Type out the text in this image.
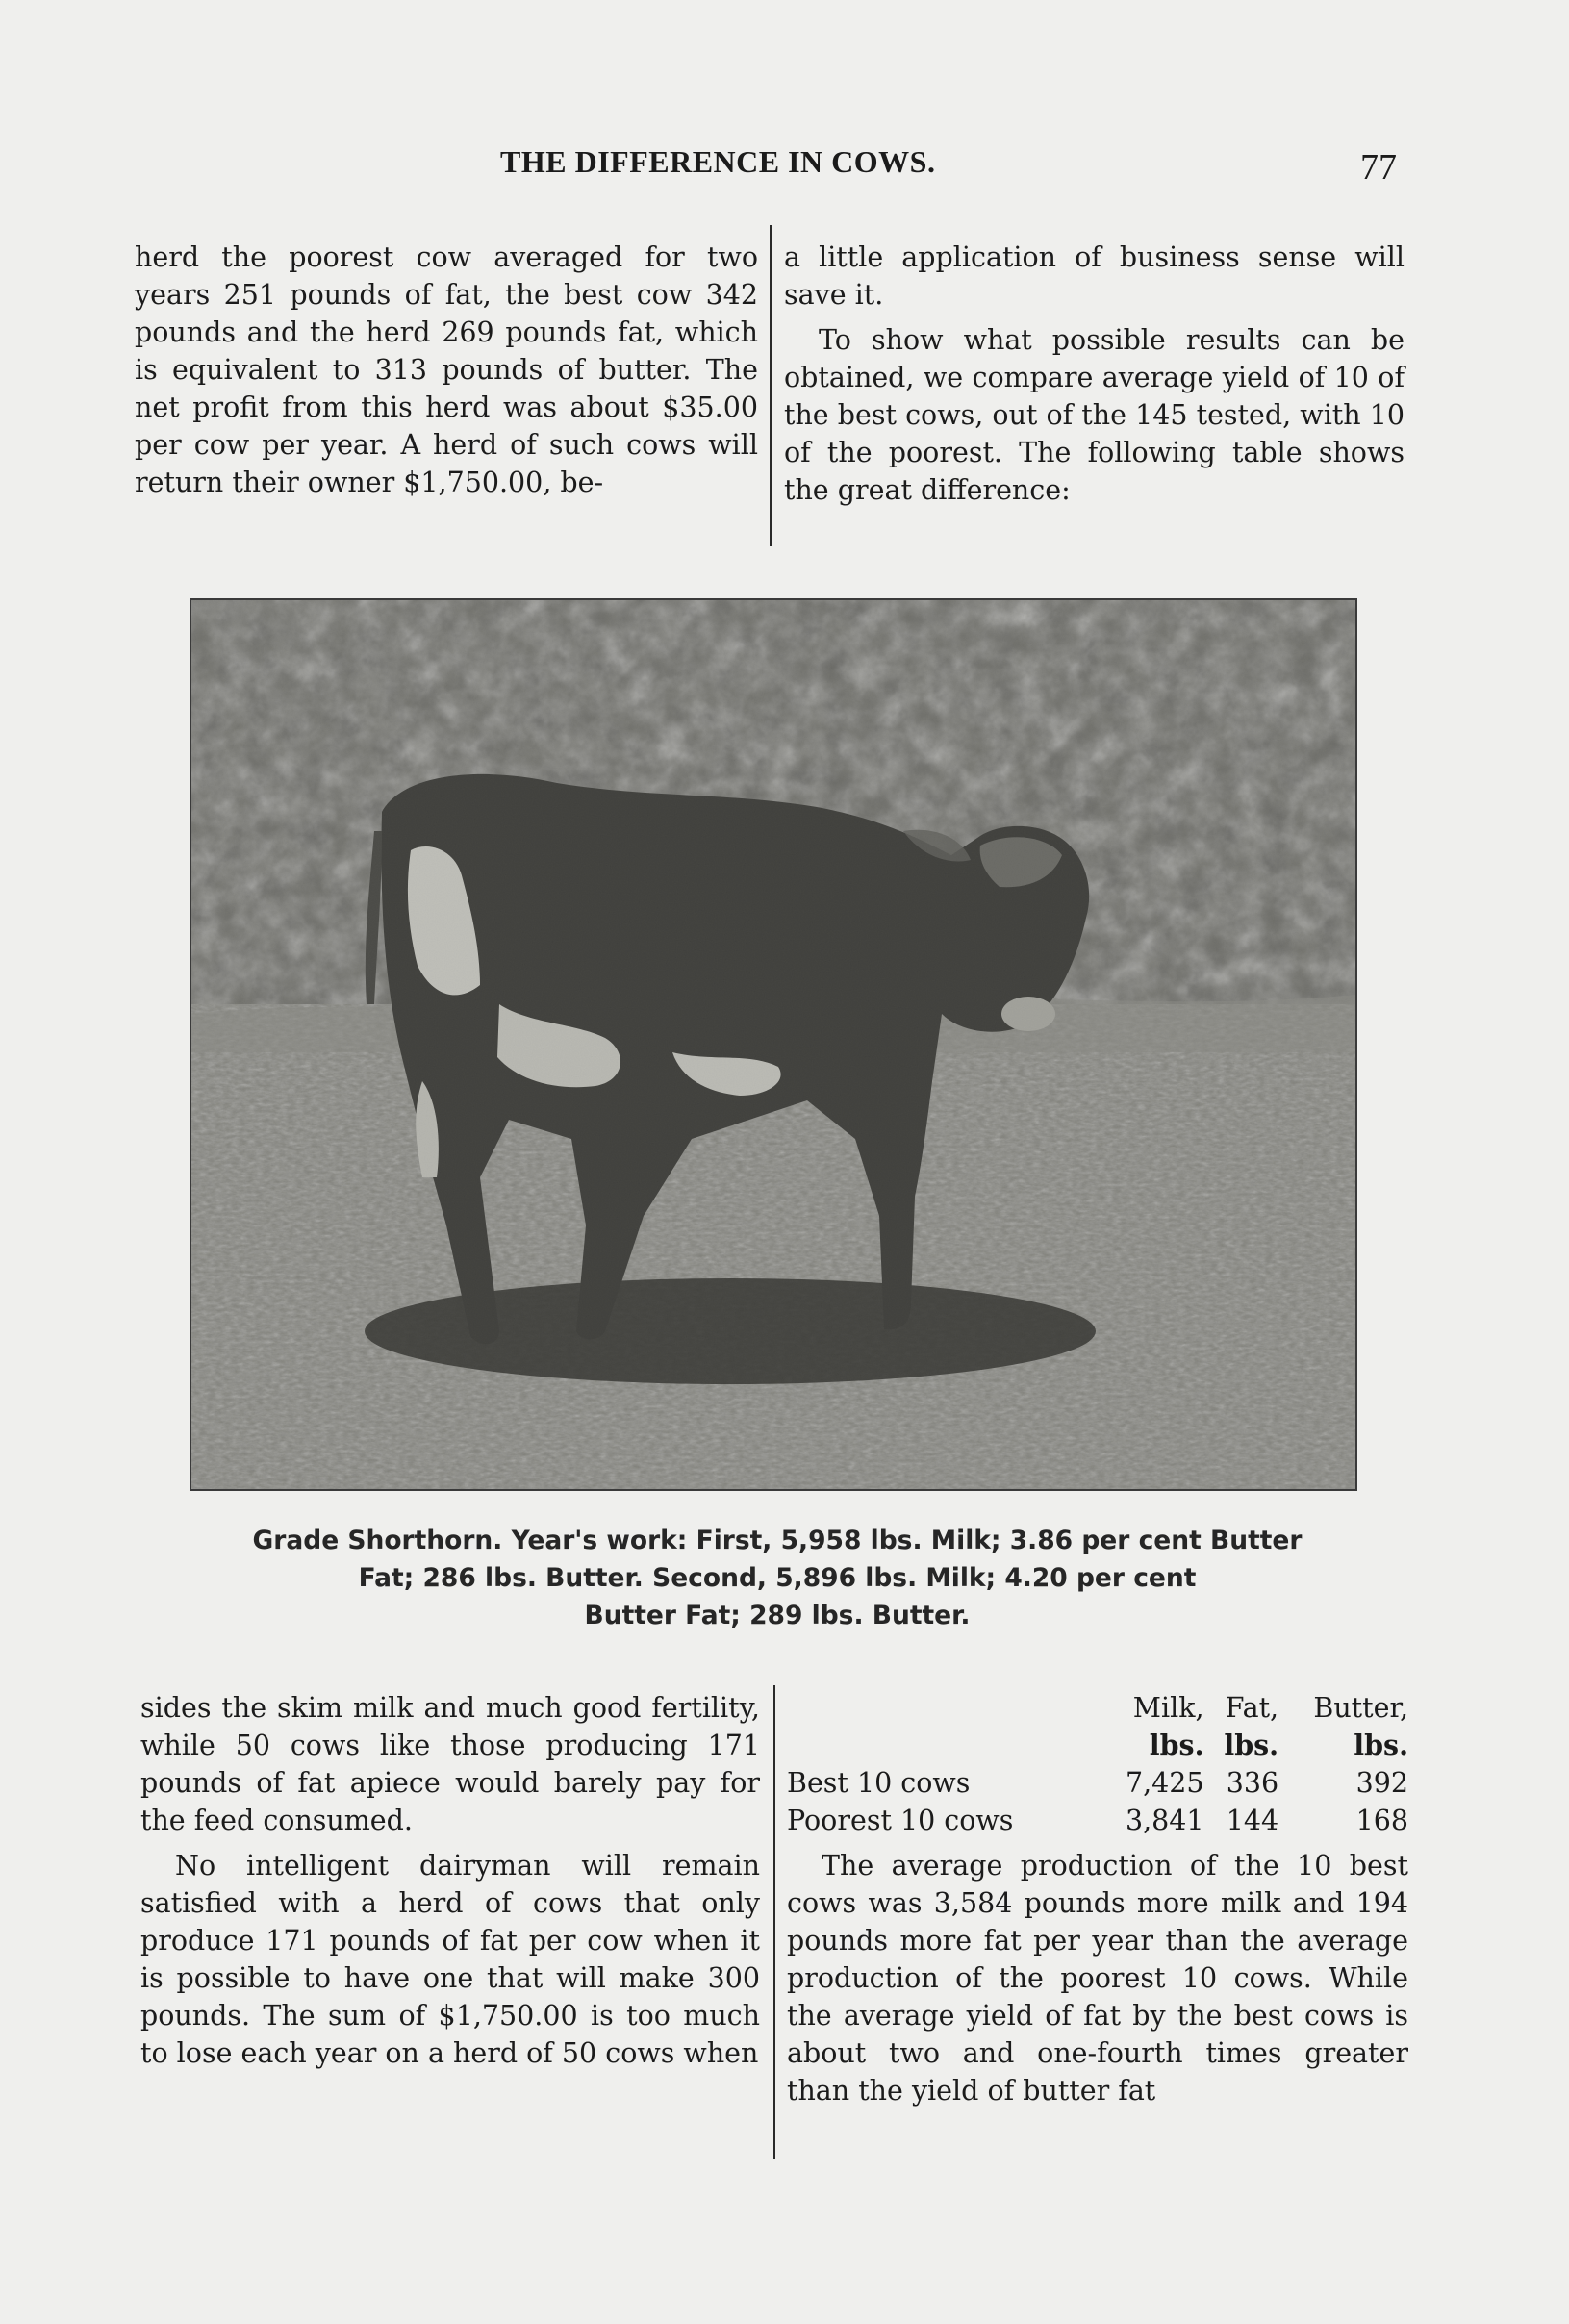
THE DIFFERENCE IN COWS.	77

herd the poorest cow averaged for two years 251 pounds of fat, the best cow 342 pounds and the herd 269 pounds fat, which is equivalent to 313 pounds of butter. The net profit from this herd was about $35.00 per cow per year. A herd of such cows will return their owner $1,750.00, be-

a little application of business sense will save it.

To show what possible results can be obtained, we compare average yield of 10 of the best cows, out of the 145 tested, with 10 of the poorest. The following table shows the great difference:

Grade Shorthorn. Year's work: First, 5,958 lbs. Milk; 3.86 per cent Butter
Fat; 286 lbs. Butter. Second, 5,896 lbs. Milk; 4.20 per cent
Butter Fat; 289 lbs. Butter.

sides the skim milk and much good fertility, while 50 cows like those producing 171 pounds of fat apiece would barely pay for the feed consumed.

No intelligent dairyman will remain satisfied with a herd of cows that only produce 171 pounds of fat per cow when it is possible to have one that will make 300 pounds. The sum of $1,750.00 is too much to lose each year on a herd of 50 cows when

	Milk,	Fat,	Butter,
	lbs.	lbs.	lbs.
Best 10 cows	7,425	336	392
Poorest 10 cows	3,841	144	168

The average production of the 10 best cows was 3,584 pounds more milk and 194 pounds more fat per year than the average production of the poorest 10 cows. While the average yield of fat by the best cows is about two and one-fourth times greater than the yield of butter fat
